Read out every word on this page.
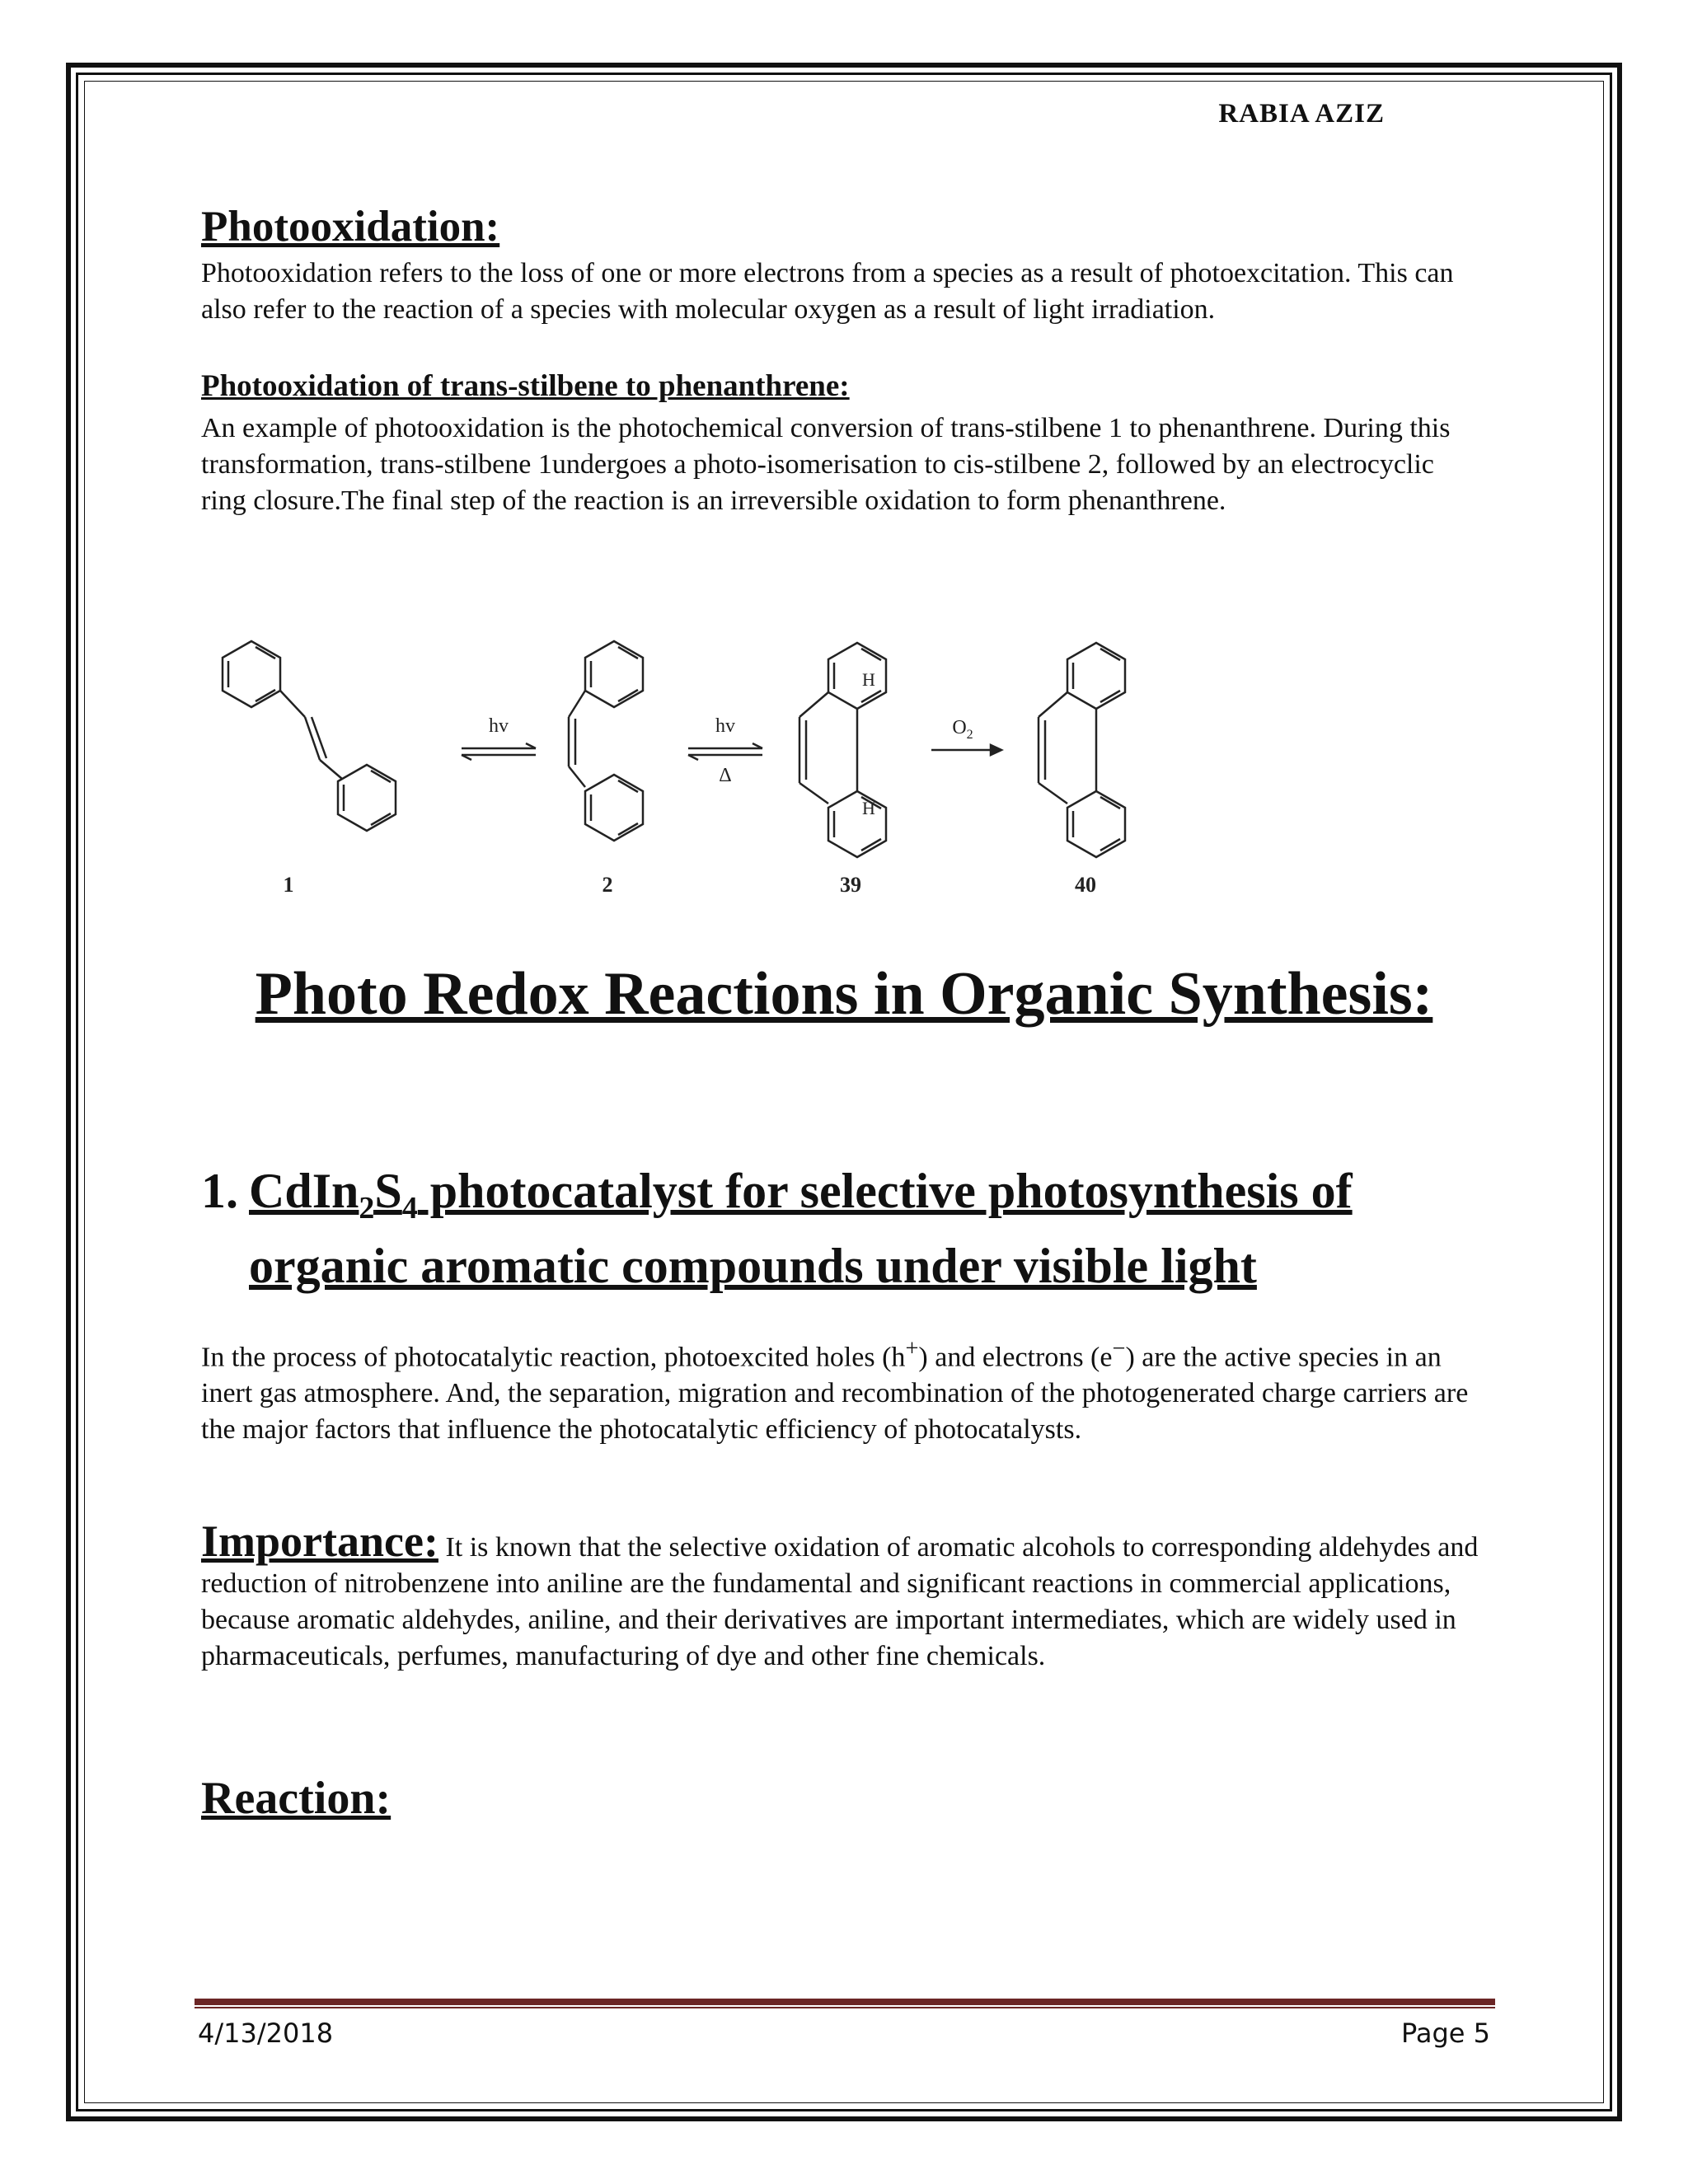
RABIA AZIZ
Photooxidation:

Photooxidation refers to the loss of one or more electrons from a species as a result of photoexcitation. This can also refer to the reaction of a species with molecular oxygen as a result of light irradiation.

Photooxidation of trans-stilbene to phenanthrene:

An example of photooxidation is the photochemical conversion of trans-stilbene 1 to phenanthrene. During this transformation, trans-stilbene 1undergoes a photo-isomerisation to cis-stilbene 2, followed by an electrocyclic ring closure.The final step of the reaction is an irreversible oxidation to form phenanthrene.

hv	hv
Δ
$O_2$
H
H
1	2	39	40
Photo Redox Reactions in Organic Synthesis:
1. $CdIn_2S_4$ photocatalyst for selective photosynthesis of organic aromatic compounds under visible light

In the process of photocatalytic reaction, photoexcited holes (h+) and electrons (e−) are the active species in an inert gas atmosphere. And, the separation, migration and recombination of the photogenerated charge carriers are the major factors that influence the photocatalytic efficiency of photocatalysts.

Importance: It is known that the selective oxidation of aromatic alcohols to corresponding aldehydes and reduction of nitrobenzene into aniline are the fundamental and significant reactions in commercial applications, because aromatic aldehydes, aniline, and their derivatives are important intermediates, which are widely used in pharmaceuticals, perfumes, manufacturing of dye and other fine chemicals.

Reaction:
4/13/2018	Page 5
